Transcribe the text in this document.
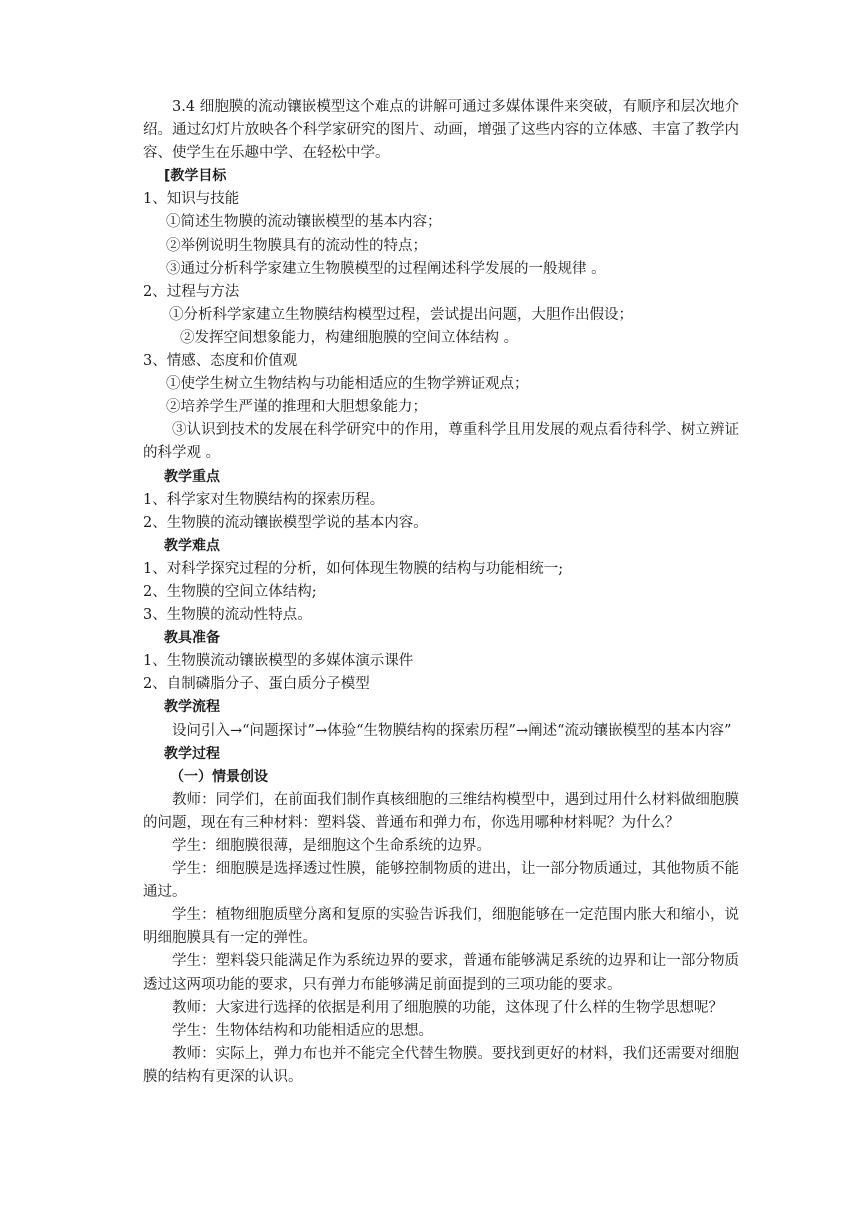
3.4 细胞膜的流动镶嵌模型这个难点的讲解可通过多媒体课件来突破，有顺序和层次地介绍。通过幻灯片放映各个科学家研究的图片、动画，增强了这些内容的立体感、丰富了教学内容、使学生在乐趣中学、在轻松中学。

[教学目标

1、知识与技能

①简述生物膜的流动镶嵌模型的基本内容；

②举例说明生物膜具有的流动性的特点；

③通过分析科学家建立生物膜模型的过程阐述科学发展的一般规律 。

2、过程与方法

①分析科学家建立生物膜结构模型过程，尝试提出问题，大胆作出假设；

②发挥空间想象能力，构建细胞膜的空间立体结构 。

3、情感、态度和价值观

①使学生树立生物结构与功能相适应的生物学辨证观点；

②培养学生严谨的推理和大胆想象能力；

③认识到技术的发展在科学研究中的作用，尊重科学且用发展的观点看待科学、树立辨证的科学观 。

教学重点

1、科学家对生物膜结构的探索历程。

2、生物膜的流动镶嵌模型学说的基本内容。

教学难点

1、对科学探究过程的分析，如何体现生物膜的结构与功能相统一;

2、生物膜的空间立体结构;

3、生物膜的流动性特点。

教具准备

1、生物膜流动镶嵌模型的多媒体演示课件

2、自制磷脂分子、蛋白质分子模型

教学流程

设问引入→“问题探讨”→体验“生物膜结构的探索历程”→阐述“流动镶嵌模型的基本内容”

教学过程

（一）情景创设

教师：同学们，在前面我们制作真核细胞的三维结构模型中，遇到过用什么材料做细胞膜的问题，现在有三种材料：塑料袋、普通布和弹力布，你选用哪种材料呢？为什么？

学生：细胞膜很薄，是细胞这个生命系统的边界。

学生：细胞膜是选择透过性膜，能够控制物质的进出，让一部分物质通过，其他物质不能通过。

学生：植物细胞质壁分离和复原的实验告诉我们，细胞能够在一定范围内胀大和缩小，说明细胞膜具有一定的弹性。

学生：塑料袋只能满足作为系统边界的要求，普通布能够满足系统的边界和让一部分物质透过这两项功能的要求，只有弹力布能够满足前面提到的三项功能的要求。

教师：大家进行选择的依据是利用了细胞膜的功能，这体现了什么样的生物学思想呢？

学生：生物体结构和功能相适应的思想。

教师：实际上，弹力布也并不能完全代替生物膜。要找到更好的材料，我们还需要对细胞膜的结构有更深的认识。
